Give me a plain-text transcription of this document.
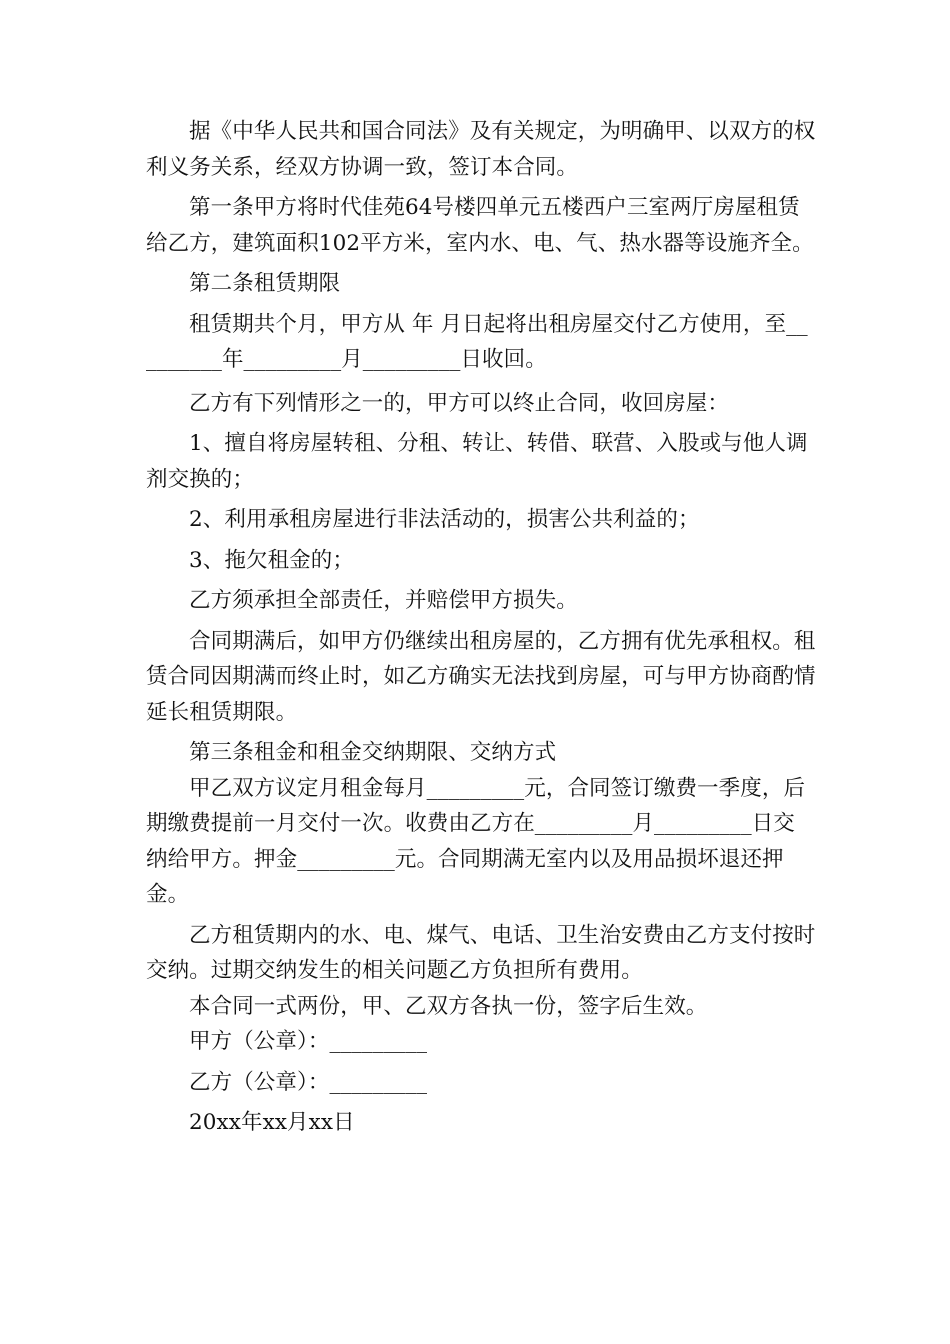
据《中华人民共和国合同法》及有关规定，为明确甲、以双方的权利义务关系，经双方协调一致，签订本合同。

第一条甲方将时代佳苑64号楼四单元五楼西户三室两厅房屋租赁给乙方，建筑面积102平方米，室内水、电、气、热水器等设施齐全。

第二条租赁期限

租赁期共个月，甲方从 年 月日起将出租房屋交付乙方使用，至_________年_________月_________日收回。

乙方有下列情形之一的，甲方可以终止合同，收回房屋：

1、擅自将房屋转租、分租、转让、转借、联营、入股或与他人调剂交换的；

2、利用承租房屋进行非法活动的，损害公共利益的；

3、拖欠租金的；

乙方须承担全部责任，并赔偿甲方损失。

合同期满后，如甲方仍继续出租房屋的，乙方拥有优先承租权。租赁合同因期满而终止时，如乙方确实无法找到房屋，可与甲方协商酌情延长租赁期限。

第三条租金和租金交纳期限、交纳方式

甲乙双方议定月租金每月_________元，合同签订缴费一季度，后期缴费提前一月交付一次。收费由乙方在_________月_________日交纳给甲方。押金_________元。合同期满无室内以及用品损坏退还押金。

乙方租赁期内的水、电、煤气、电话、卫生治安费由乙方支付按时交纳。过期交纳发生的相关问题乙方负担所有费用。

本合同一式两份，甲、乙双方各执一份，签字后生效。

甲方（公章）：_________

乙方（公章）：_________

20xx年xx月xx日
